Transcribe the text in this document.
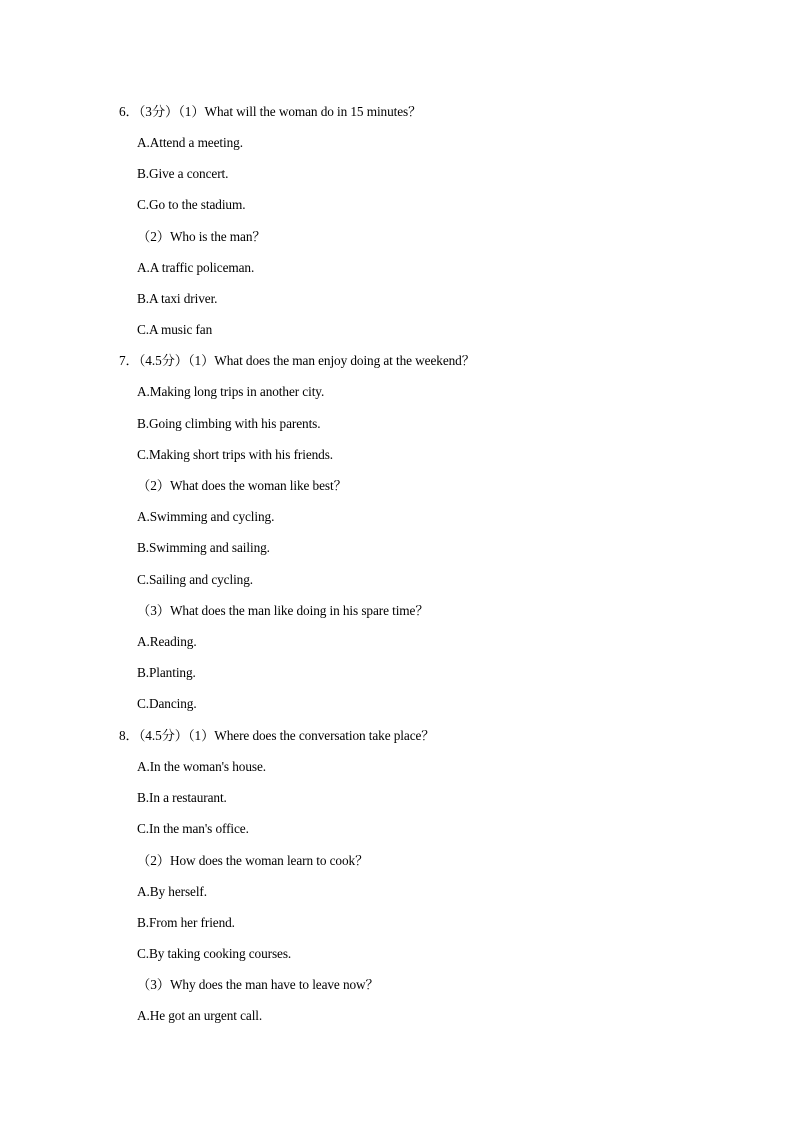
6．（3分）（1）What will the woman do in 15 minutes？
A.Attend a meeting.
B.Give a concert.
C.Go to the stadium.
（2）Who is the man？
A.A traffic policeman.
B.A taxi driver.
C.A music fan
7．（4.5分）（1）What does the man enjoy doing at the weekend？
A.Making long trips in another city.
B.Going climbing with his parents.
C.Making short trips with his friends.
（2）What does the woman like best？
A.Swimming and cycling.
B.Swimming and sailing.
C.Sailing and cycling.
（3）What does the man like doing in his spare time？
A.Reading.
B.Planting.
C.Dancing.
8．（4.5分）（1）Where does the conversation take place？
A.In the woman's house.
B.In a restaurant.
C.In the man's office.
（2）How does the woman learn to cook？
A.By herself.
B.From her friend.
C.By taking cooking courses.
（3）Why does the man have to leave now？
A.He got an urgent call.
